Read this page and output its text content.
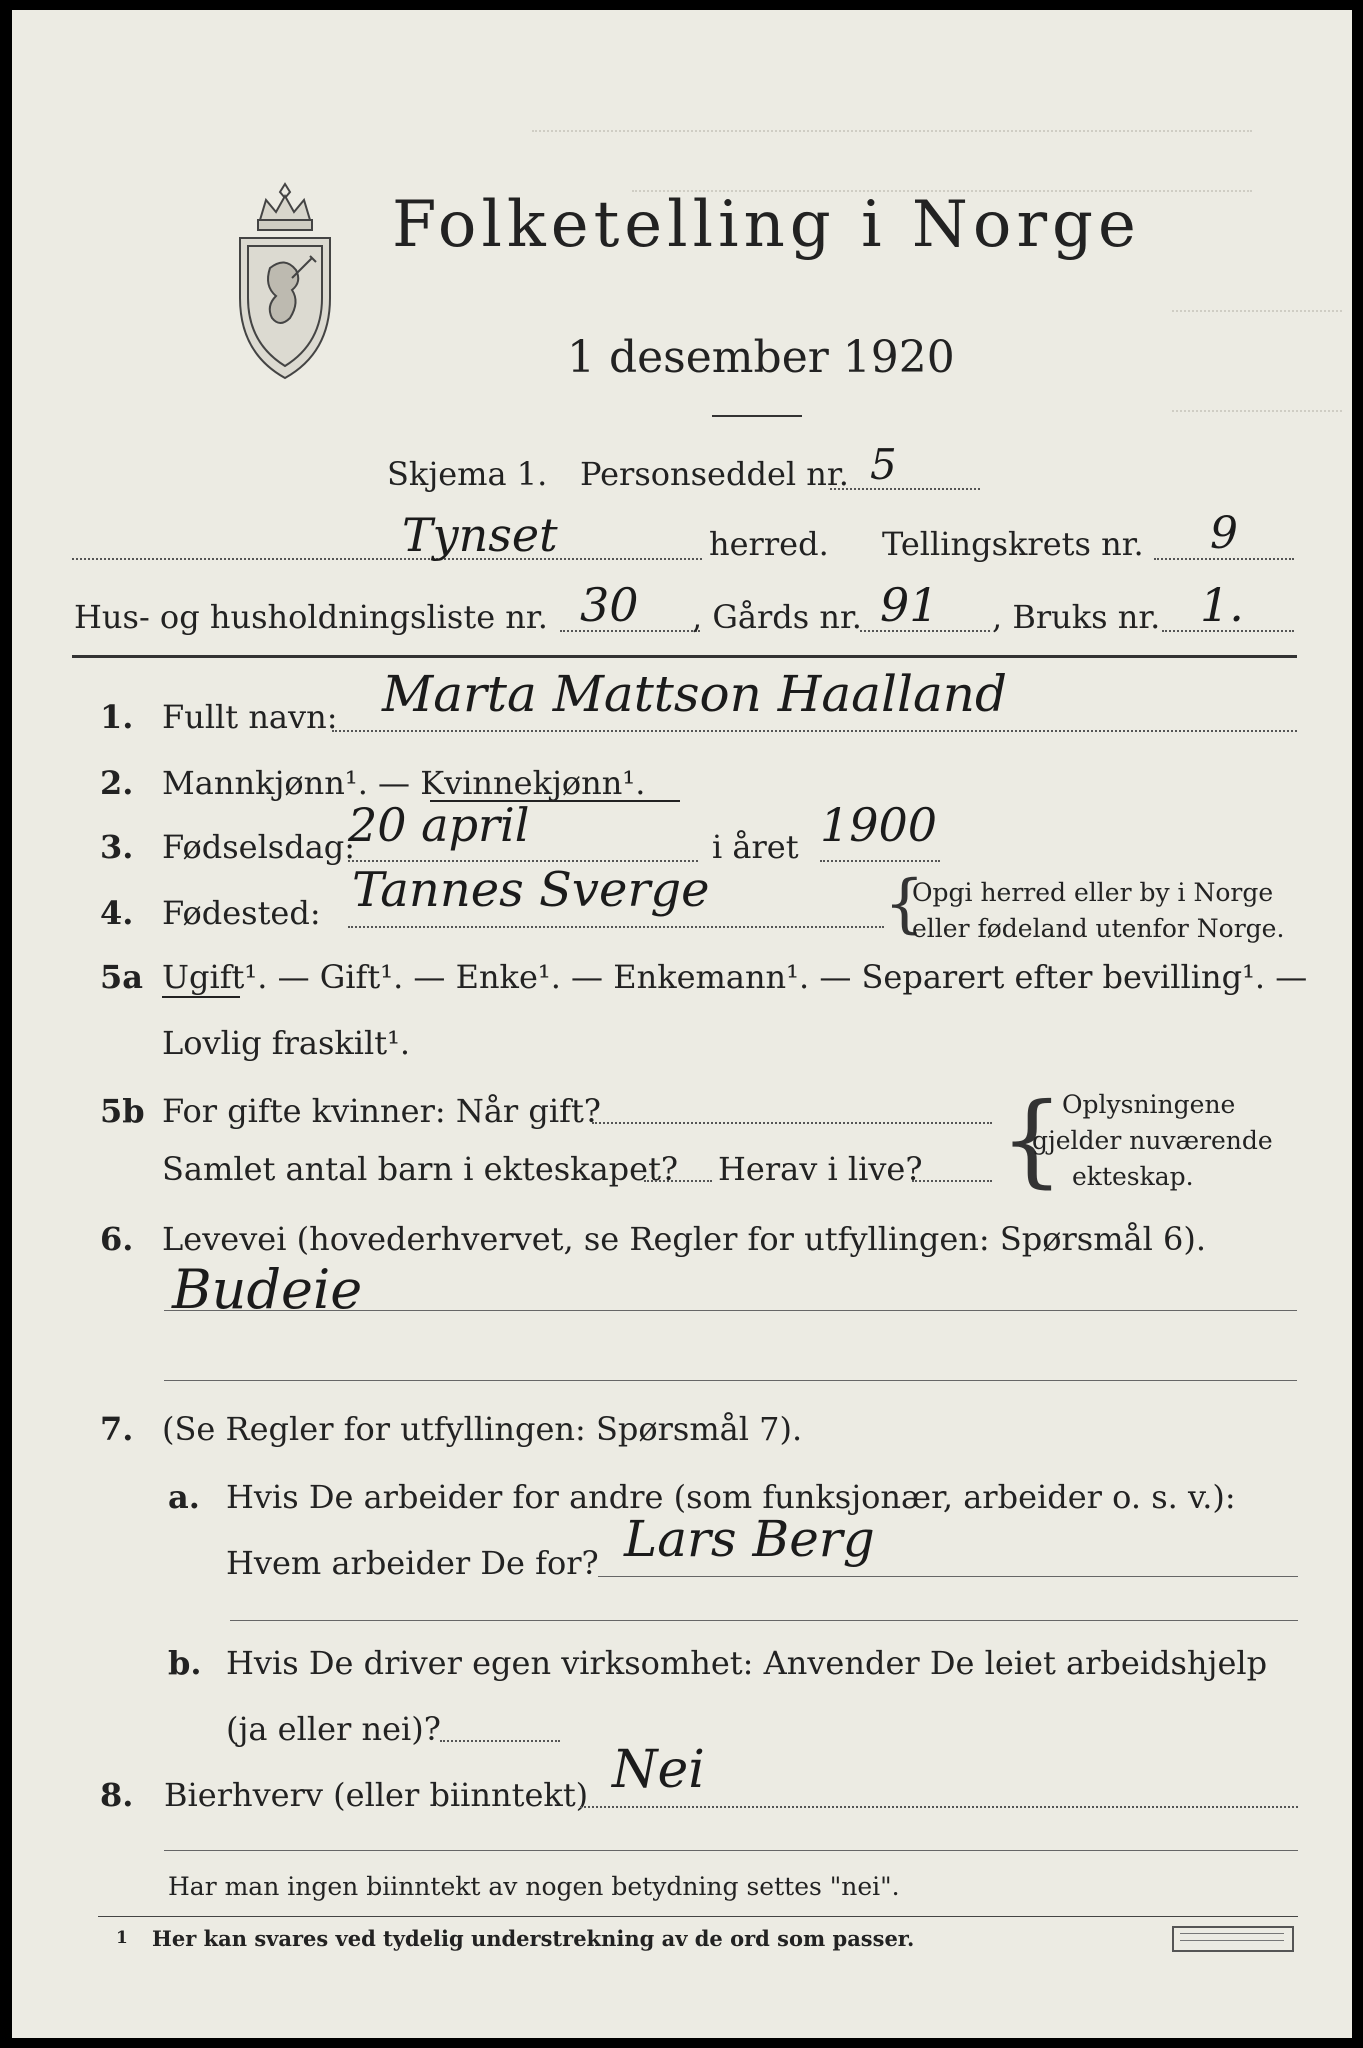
Folketelling i Norge
1 desember 1920
Skjema 1. Personseddel nr. 5
Tynset	herred. Tellingskrets nr. 9
Hus- og husholdningsliste nr. 30 , Gårds nr. 91 , Bruks nr. 1.
1. Fullt navn: Marta Mattson Haalland
2. Mannkjønn¹. — Kvinnekjønn¹.
3. Fødselsdag:
20 april	i året 1900
4. Fødested: Tannes Sverge	{
Opgi herred eller by i Norge
eller fødeland utenfor Norge.
5a Ugift¹. — Gift¹. — Enke¹. — Enkemann¹. — Separert efter bevilling¹. —
Lovlig fraskilt¹.
5b For gifte kvinner: Når gift?
Samlet antal barn i ekteskapet? Herav i live? {
Oplysningene
gjelder nuværende
ekteskap.
6. Levevei (hovederhvervet, se Regler for utfyllingen: Spørsmål 6).
Budeie
7. (Se Regler for utfyllingen: Spørsmål 7).
a. Hvis De arbeider for andre (som funksjonær, arbeider o. s. v.):
Hvem arbeider De for? Lars Berg
b. Hvis De driver egen virksomhet: Anvender De leiet arbeidshjelp
(ja eller nei)?
8. Bierhverv (eller biinntekt) Nei
Har man ingen biinntekt av nogen betydning settes "nei".
1 Her kan svares ved tydelig understrekning av de ord som passer.
